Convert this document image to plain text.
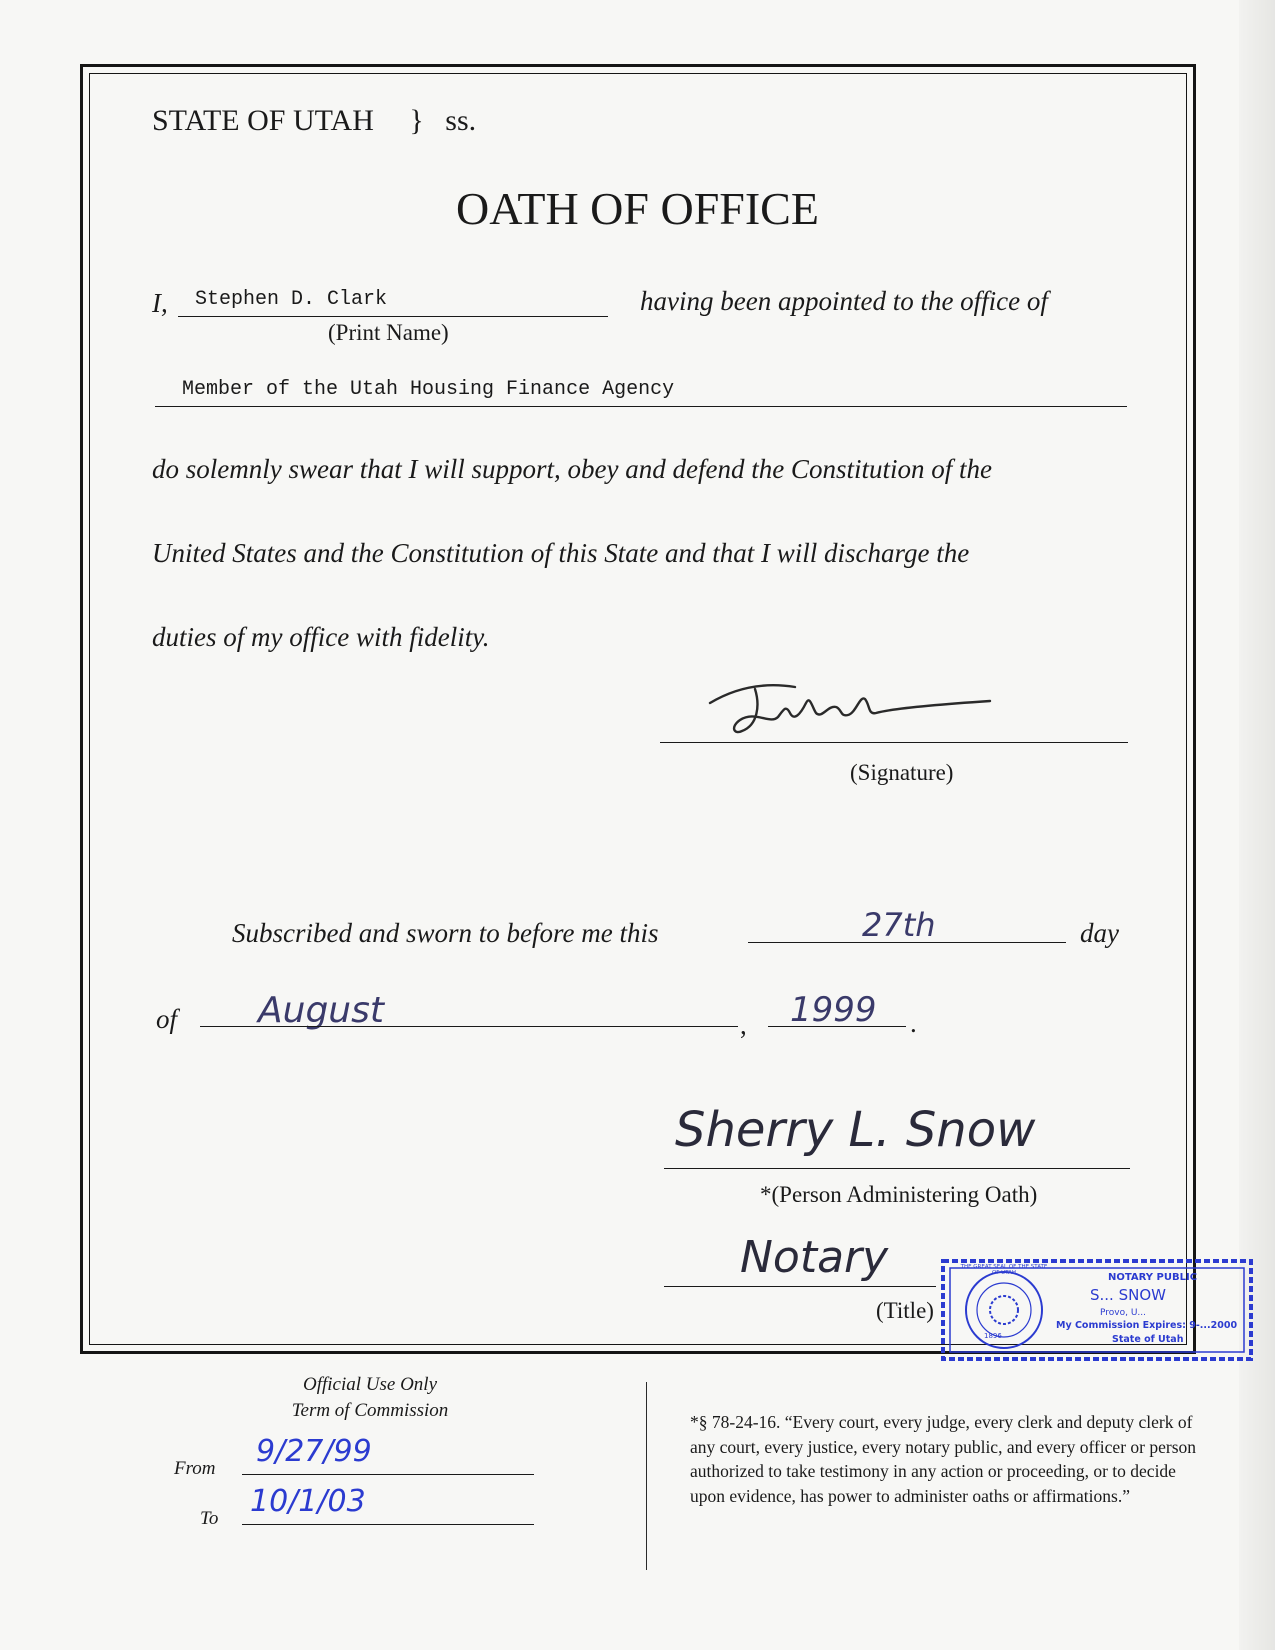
STATE OF UTAH } ss.
OATH OF OFFICE
I, Stephen D. Clark
(Print Name)
having been appointed to the office of
Member of the Utah Housing Finance Agency
do solemnly swear that I will support, obey and defend the Constitution of the
United States and the Constitution of this State and that I will discharge the
duties of my office with fidelity.
(Signature)
Subscribed and sworn to before me this	27th	day
of August	, 1999 .
Sherry L. Snow
*(Person Administering Oath)
Notary
(Title)
1896
THE GREAT SEAL OF THE STATE OF UTAH	NOTARY PUBLIC
S... SNOW
Provo, U...
My Commission Expires: 9-...2000
State of Utah
Official Use Only
Term of Commission
From 9/27/99
To 10/1/03
*§ 78-24-16. “Every court, every judge, every clerk and deputy clerk of any court, every justice, every notary public, and every officer or person authorized to take testimony in any action or proceeding, or to decide upon evidence, has power to administer oaths or affirmations.”
